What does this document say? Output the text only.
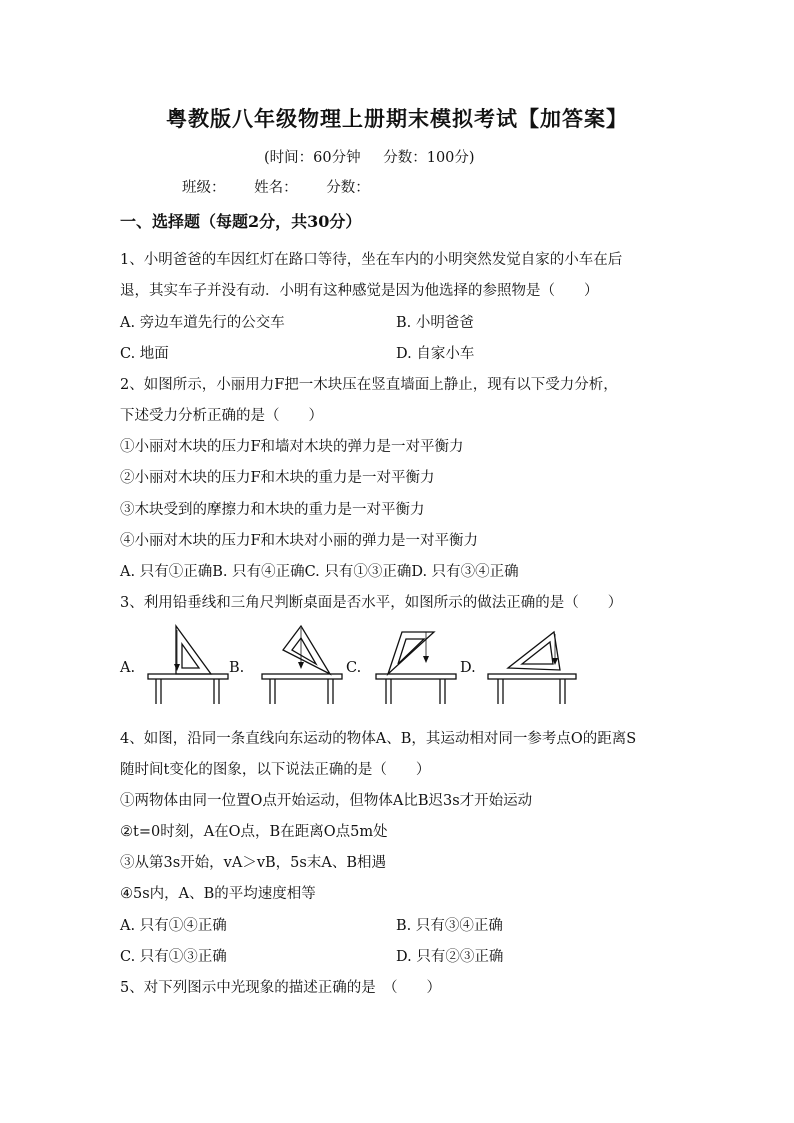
粤教版八年级物理上册期末模拟考试【加答案】
(时间：60分钟 分数：100分)
班级： 姓名： 分数：
一、选择题（每题2分，共30分）
1、小明爸爸的车因红灯在路口等待，坐在车内的小明突然发觉自家的小车在后
退，其实车子并没有动．小明有这种感觉是因为他选择的参照物是（　　）
A. 旁边车道先行的公交车	B. 小明爸爸
C. 地面	D. 自家小车
2、如图所示，小丽用力F把一木块压在竖直墙面上静止，现有以下受力分析，
下述受力分析正确的是（　　）
①小丽对木块的压力F和墙对木块的弹力是一对平衡力
②小丽对木块的压力F和木块的重力是一对平衡力
③木块受到的摩擦力和木块的重力是一对平衡力
④小丽对木块的压力F和木块对小丽的弹力是一对平衡力
A. 只有①正确B. 只有④正确C. 只有①③正确D. 只有③④正确
3、利用铅垂线和三角尺判断桌面是否水平，如图所示的做法正确的是（　　）
A.	B.	C.	D.
4、如图，沿同一条直线向东运动的物体A、B，其运动相对同一参考点O的距离S
随时间t变化的图象，以下说法正确的是（　　）
①两物体由同一位置O点开始运动，但物体A比B迟3s才开始运动
②t=0时刻，A在O点，B在距离O点5m处
③从第3s开始，vA＞vB，5s末A、B相遇
④5s内，A、B的平均速度相等
A. 只有①④正确	B. 只有③④正确
C. 只有①③正确	D. 只有②③正确
5、对下列图示中光现象的描述正确的是　（　　）
